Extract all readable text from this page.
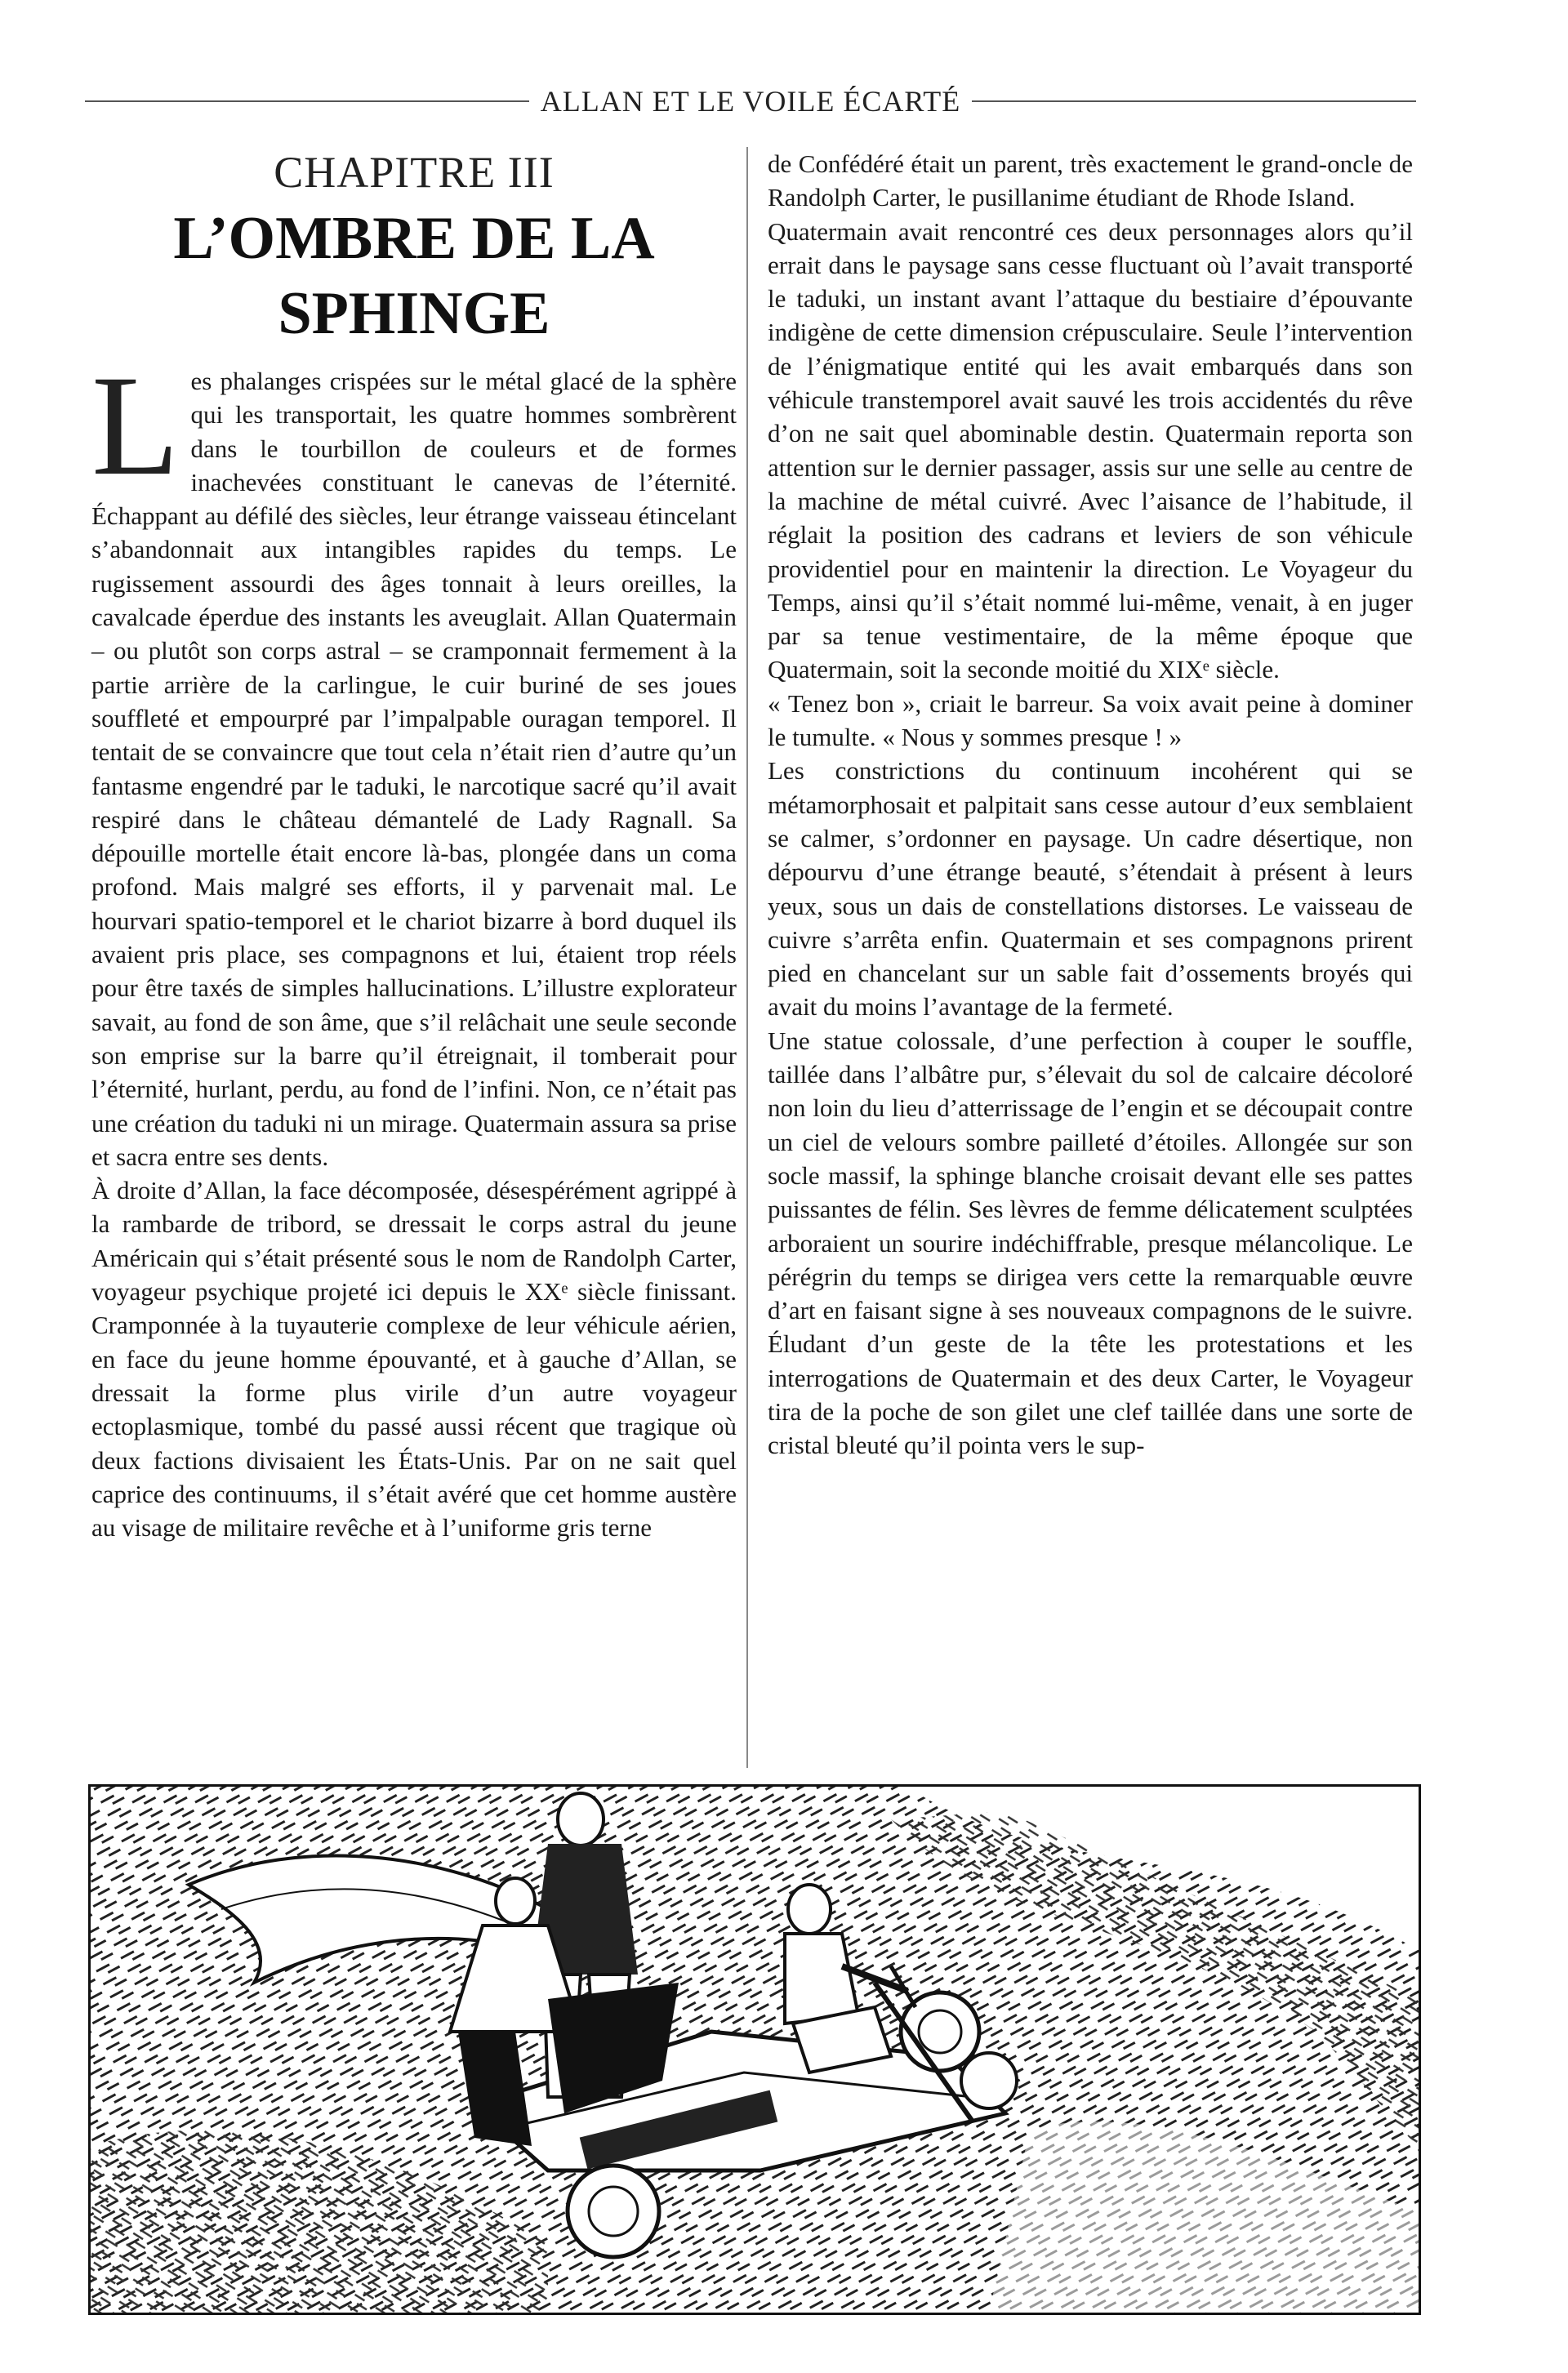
ALLAN ET LE VOILE ÉCARTÉ
CHAPITRE III
L’OMBRE DE LA SPHINGE

Les phalanges crispées sur le métal glacé de la sphère qui les transportait, les quatre hommes sombrèrent dans le tourbillon de couleurs et de formes inachevées constituant le canevas de l’éternité. Échappant au défilé des siècles, leur étrange vaisseau étincelant s’abandonnait aux intangibles rapides du temps. Le rugissement assourdi des âges tonnait à leurs oreilles, la cavalcade éperdue des instants les aveuglait. Allan Quatermain – ou plutôt son corps astral – se cramponnait fermement à la partie arrière de la carlingue, le cuir buriné de ses joues souffleté et empourpré par l’impalpable ouragan temporel. Il tentait de se convaincre que tout cela n’était rien d’autre qu’un fantasme engendré par le taduki, le narcotique sacré qu’il avait respiré dans le château démantelé de Lady Ragnall. Sa dépouille mortelle était encore là-bas, plongée dans un coma profond. Mais malgré ses efforts, il y parvenait mal. Le hourvari spatio-temporel et le chariot bizarre à bord duquel ils avaient pris place, ses compagnons et lui, étaient trop réels pour être taxés de simples hallucinations. L’illustre explorateur savait, au fond de son âme, que s’il relâchait une seule seconde son emprise sur la barre qu’il étreignait, il tomberait pour l’éternité, hurlant, perdu, au fond de l’infini. Non, ce n’était pas une création du taduki ni un mirage. Quatermain assura sa prise et sacra entre ses dents.

À droite d’Allan, la face décomposée, désespérément agrippé à la rambarde de tribord, se dressait le corps astral du jeune Américain qui s’était présenté sous le nom de Randolph Carter, voyageur psychique projeté ici depuis le XXᵉ siècle finissant. Cramponnée à la tuyauterie complexe de leur véhicule aérien, en face du jeune homme épouvanté, et à gauche d’Allan, se dressait la forme plus virile d’un autre voyageur ectoplasmique, tombé du passé aussi récent que tragique où deux factions divisaient les États-Unis. Par on ne sait quel caprice des continuums, il s’était avéré que cet homme austère au visage de militaire revêche et à l’uniforme gris terne

de Confédéré était un parent, très exactement le grand-oncle de Randolph Carter, le pusillanime étudiant de Rhode Island.

Quatermain avait rencontré ces deux personnages alors qu’il errait dans le paysage sans cesse fluctuant où l’avait transporté le taduki, un instant avant l’attaque du bestiaire d’épouvante indigène de cette dimension crépusculaire. Seule l’intervention de l’énigmatique entité qui les avait embarqués dans son véhicule transtemporel avait sauvé les trois accidentés du rêve d’on ne sait quel abominable destin. Quatermain reporta son attention sur le dernier passager, assis sur une selle au centre de la machine de métal cuivré. Avec l’aisance de l’habitude, il réglait la position des cadrans et leviers de son véhicule providentiel pour en maintenir la direction. Le Voyageur du Temps, ainsi qu’il s’était nommé lui-même, venait, à en juger par sa tenue vestimentaire, de la même époque que Quatermain, soit la seconde moitié du XIXᵉ siècle.

« Tenez bon », criait le barreur. Sa voix avait peine à dominer le tumulte. « Nous y sommes presque ! »

Les constrictions du continuum incohérent qui se métamorphosait et palpitait sans cesse autour d’eux semblaient se calmer, s’ordonner en paysage. Un cadre désertique, non dépourvu d’une étrange beauté, s’étendait à présent à leurs yeux, sous un dais de constellations distorses. Le vaisseau de cuivre s’arrêta enfin. Quatermain et ses compagnons prirent pied en chancelant sur un sable fait d’ossements broyés qui avait du moins l’avantage de la fermeté.

Une statue colossale, d’une perfection à couper le souffle, taillée dans l’albâtre pur, s’élevait du sol de calcaire décoloré non loin du lieu d’atterrissage de l’engin et se découpait contre un ciel de velours sombre pailleté d’étoiles. Allongée sur son socle massif, la sphinge blanche croisait devant elle ses pattes puissantes de félin. Ses lèvres de femme délicatement sculptées arboraient un sourire indéchiffrable, presque mélancolique. Le pérégrin du temps se dirigea vers cette la remarquable œuvre d’art en faisant signe à ses nouveaux compagnons de le suivre. Éludant d’un geste de la tête les protestations et les interrogations de Quatermain et des deux Carter, le Voyageur tira de la poche de son gilet une clef taillée dans une sorte de cristal bleuté qu’il pointa vers le sup-
